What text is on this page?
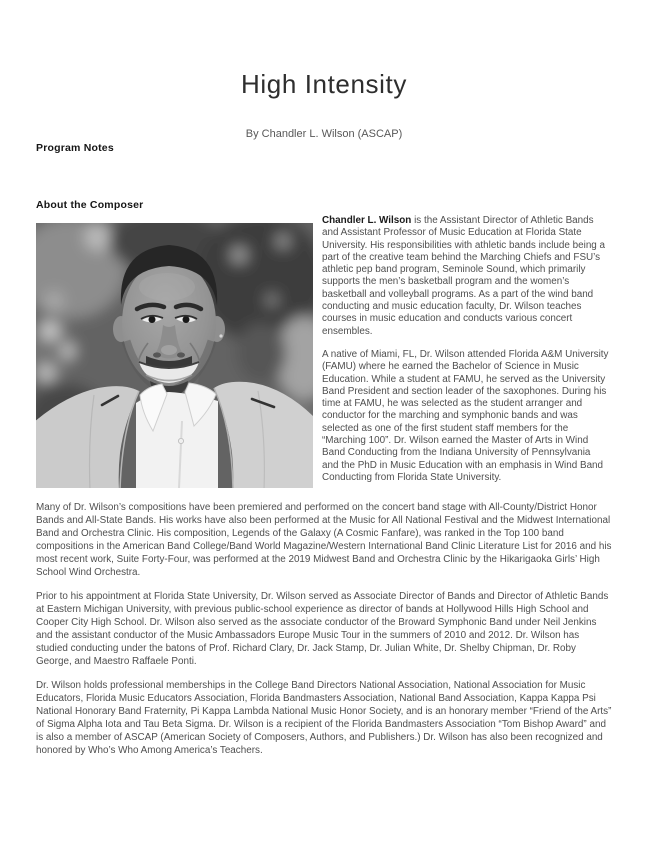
High Intensity
By Chandler L. Wilson (ASCAP)
Program Notes
About the Composer

Chandler L. Wilson is the Assistant Director of Athletic Bands and Assistant Professor of Music Education at Florida State University. His responsibilities with athletic bands include being a part of the creative team behind the Marching Chiefs and FSU’s athletic pep band program, Seminole Sound, which primarily supports the men’s basketball program and the women’s basketball and volleyball programs. As a part of the wind band conducting and music education faculty, Dr. Wilson teaches courses in music education and conducts various concert ensembles.

A native of Miami, FL, Dr. Wilson attended Florida A&M University (FAMU) where he earned the Bachelor of Science in Music Education. While a student at FAMU, he served as the University Band President and section leader of the saxophones. During his time at FAMU, he was selected as the student arranger and conductor for the marching and symphonic bands and was selected as one of the first student staff members for the “Marching 100”. Dr. Wilson earned the Master of Arts in Wind Band Conducting from the Indiana University of Pennsylvania and the PhD in Music Education with an emphasis in Wind Band Conducting from Florida State University.

Many of Dr. Wilson’s compositions have been premiered and performed on the concert band stage with All-County/District Honor Bands and All-State Bands. His works have also been performed at the Music for All National Festival and the Midwest International Band and Orchestra Clinic. His composition, Legends of the Galaxy (A Cosmic Fanfare), was ranked in the Top 100 band compositions in the American Band College/Band World Magazine/Western International Band Clinic Literature List for 2016 and his most recent work, Suite Forty-Four, was performed at the 2019 Midwest Band and Orchestra Clinic by the Hikarigaoka Girls’ High School Wind Orchestra.

Prior to his appointment at Florida State University, Dr. Wilson served as Associate Director of Bands and Director of Athletic Bands at Eastern Michigan University, with previous public-school experience as director of bands at Hollywood Hills High School and Cooper City High School. Dr. Wilson also served as the associate conductor of the Broward Symphonic Band under Neil Jenkins and the assistant conductor of the Music Ambassadors Europe Music Tour in the summers of 2010 and 2012. Dr. Wilson has studied conducting under the batons of Prof. Richard Clary, Dr. Jack Stamp, Dr. Julian White, Dr. Shelby Chipman, Dr. Roby George, and Maestro Raffaele Ponti.

Dr. Wilson holds professional memberships in the College Band Directors National Association, National Association for Music Educators, Florida Music Educators Association, Florida Bandmasters Association, National Band Association, Kappa Kappa Psi National Honorary Band Fraternity, Pi Kappa Lambda National Music Honor Society, and is an honorary member “Friend of the Arts” of Sigma Alpha Iota and Tau Beta Sigma. Dr. Wilson is a recipient of the Florida Bandmasters Association “Tom Bishop Award” and is also a member of ASCAP (American Society of Composers, Authors, and Publishers.) Dr. Wilson has also been recognized and honored by Who’s Who Among America’s Teachers.
